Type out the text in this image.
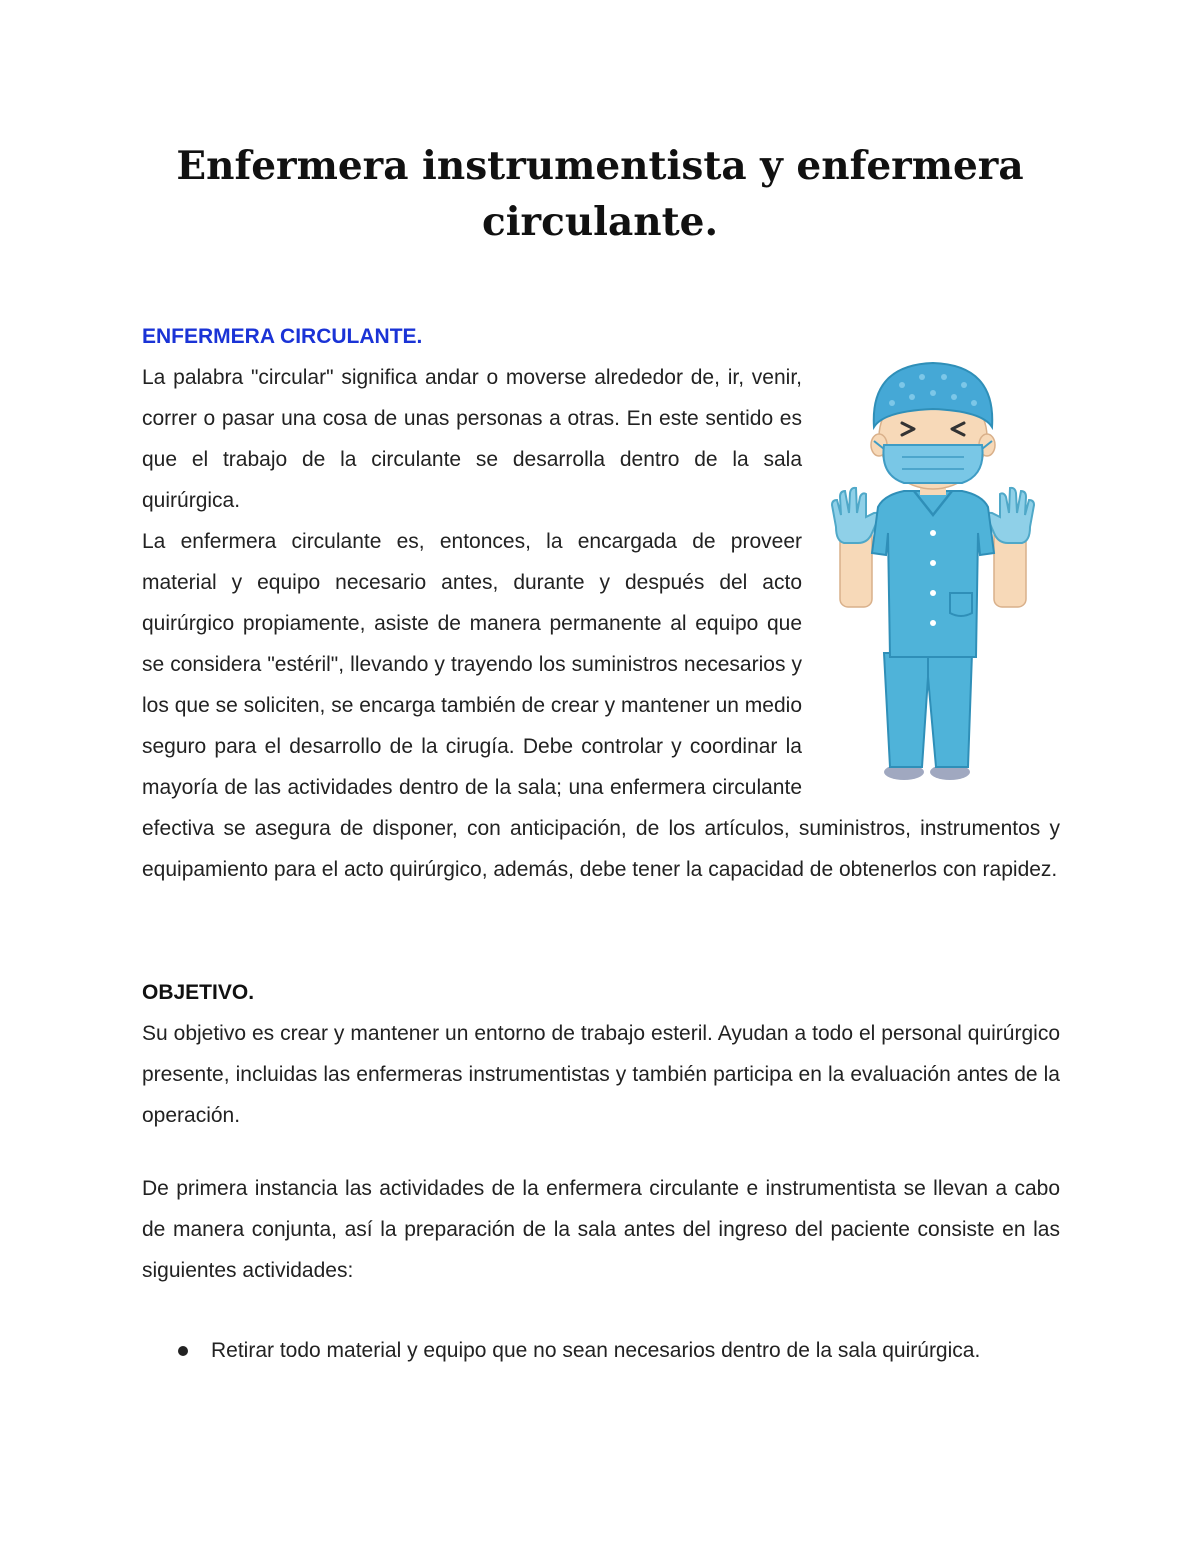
Enfermera instrumentista y enfermera circulante.
ENFERMERA CIRCULANTE.

La palabra "circular" significa andar o moverse alrededor de, ir, venir, correr o pasar una cosa de unas personas a otras. En este sentido es que el trabajo de la circulante se desarrolla dentro de la sala quirúrgica.

La enfermera circulante es, entonces, la encargada de proveer material y equipo necesario antes, durante y después del acto quirúrgico propiamente, asiste de manera permanente al equipo que se considera "estéril", llevando y trayendo los suministros necesarios y los que se soliciten, se encarga también de crear y mantener un medio seguro para el desarrollo de la cirugía. Debe controlar y coordinar la mayoría de las actividades dentro de la sala; una enfermera circulante efectiva se asegura de disponer, con anticipación, de los artículos, suministros, instrumentos y equipamiento para el acto quirúrgico, además, debe tener la capacidad de obtenerlos con rapidez.

OBJETIVO.

Su objetivo es crear y mantener un entorno de trabajo esteril. Ayudan a todo el personal quirúrgico presente, incluidas las enfermeras instrumentistas y también participa en la evaluación antes de la operación.

De primera instancia las actividades de la enfermera circulante e instrumentista se llevan a cabo de manera conjunta, así la preparación de la sala antes del ingreso del paciente consiste en las siguientes actividades:

Retirar todo material y equipo que no sean necesarios dentro de la sala quirúrgica.
